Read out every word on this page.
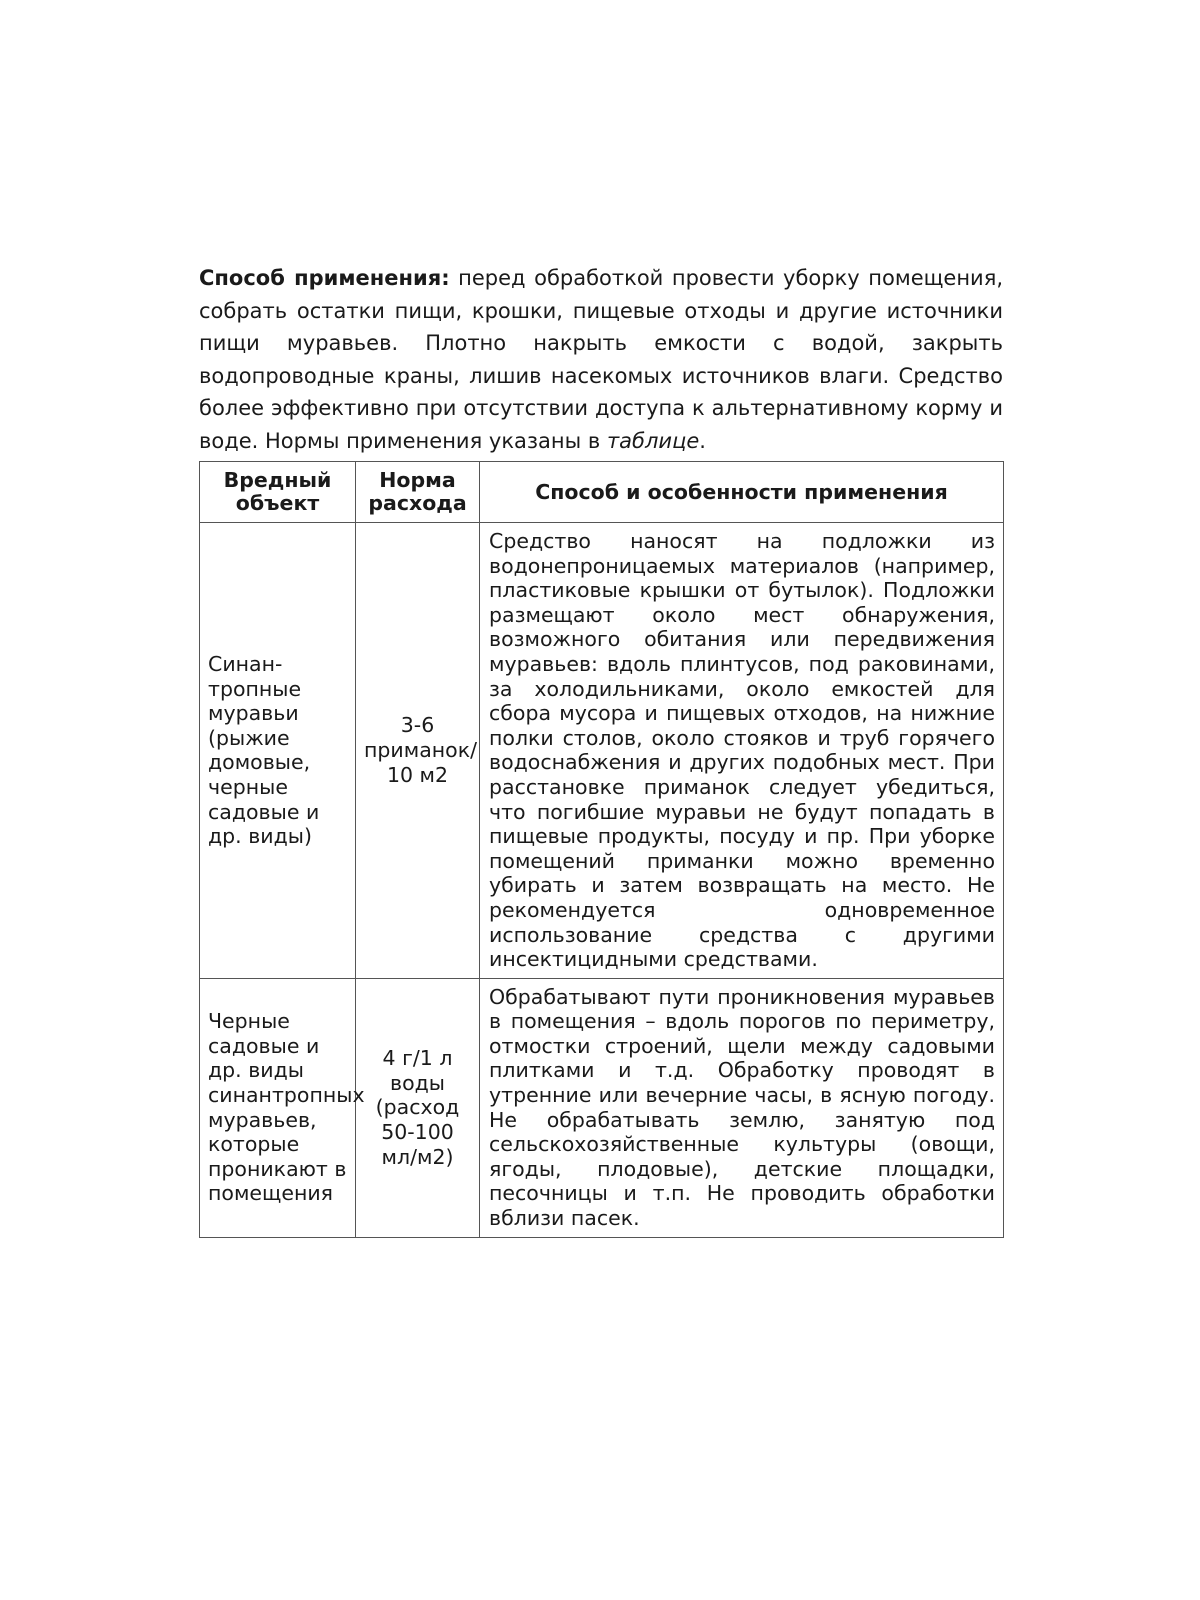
Способ применения: перед обработкой провести уборку помещения, собрать остатки пищи, крошки, пищевые отходы и другие источники пищи муравьев. Плотно накрыть емкости с водой, закрыть водопроводные краны, лишив насекомых источников влаги. Средство более эффективно при отсутствии доступа к альтернативному корму и воде. Нормы применения указаны в таблице.

Вредный объект	Норма расхода	Способ и особенности применения
Синан-тропные муравьи (рыжие домовые, черные садовые и др. виды)	3-6 приманок/ 10 м2	Средство наносят на подложки из водонепроницаемых материалов (например, пластиковые крышки от бутылок). Подложки размещают около мест обнаружения, возможного обитания или передвижения муравьев: вдоль плинтусов, под раковинами, за холодильниками, около емкостей для сбора мусора и пищевых отходов, на нижние полки столов, около стояков и труб горячего водоснабжения и других подобных мест. При расстановке приманок следует убедиться, что погибшие муравьи не будут попадать в пищевые продукты, посуду и пр. При уборке помещений приманки можно временно убирать и затем возвращать на место. Не рекомендуется одновременное использование средства с другими инсектицидными средствами.
Черные садовые и др. виды синантропных муравьев, которые проникают в помещения	4 г/1 л воды (расход 50-100 мл/м2)	Обрабатывают пути проникновения муравьев в помещения – вдоль порогов по периметру, отмостки строений, щели между садовыми плитками и т.д. Обработку проводят в утренние или вечерние часы, в ясную погоду. Не обрабатывать землю, занятую под сельскохозяйственные культуры (овощи, ягоды, плодовые), детские площадки, песочницы и т.п. Не проводить обработки вблизи пасек.
